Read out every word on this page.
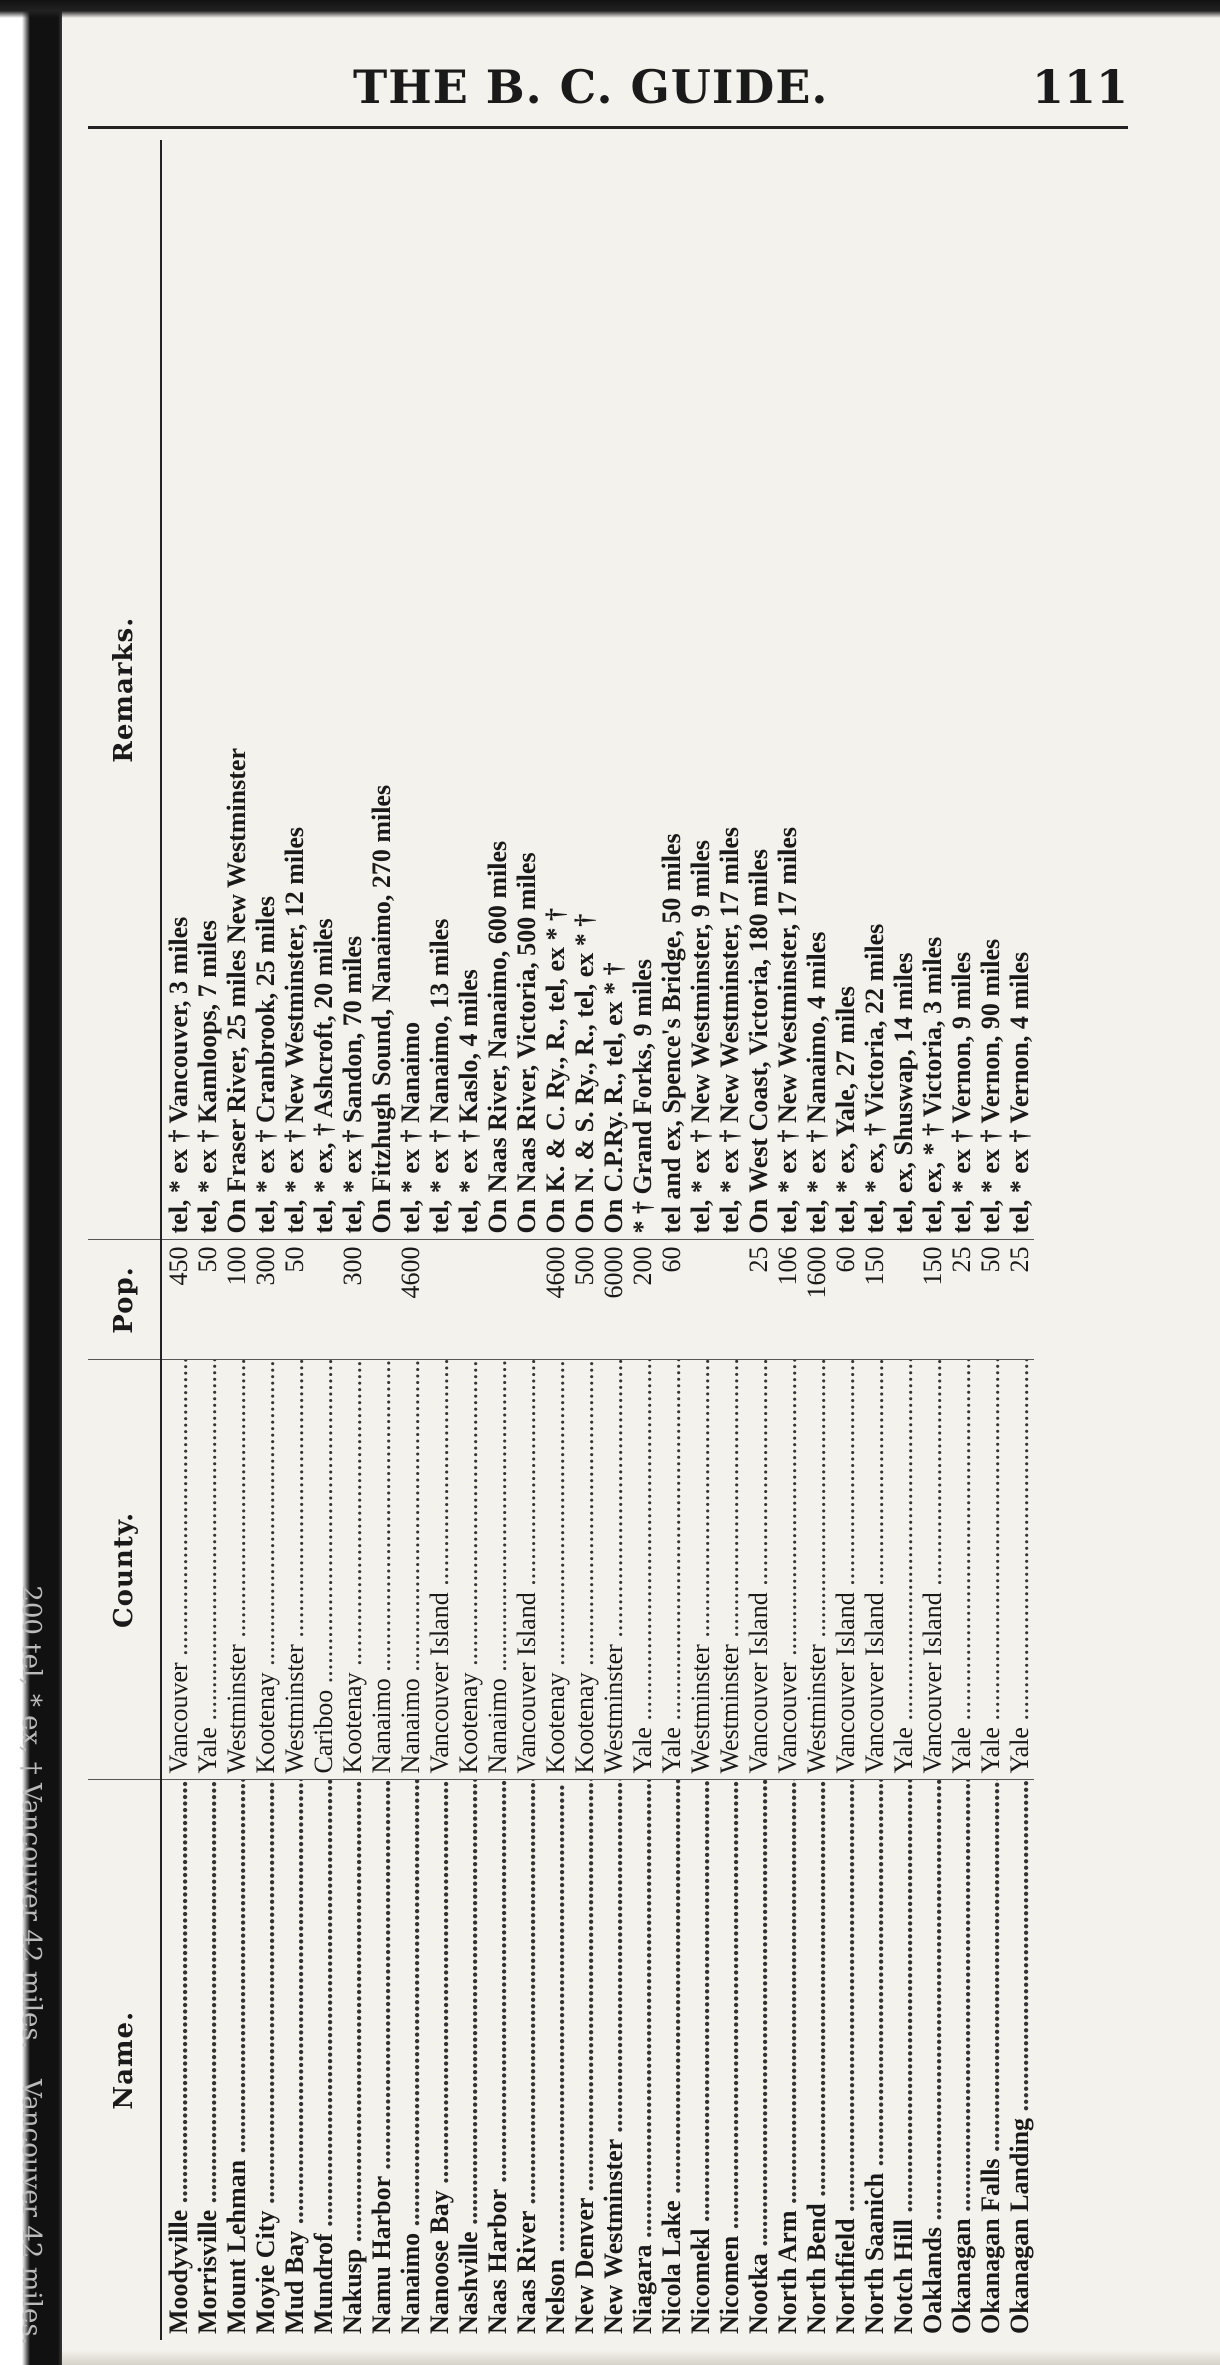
200 tel, * ex, † Vancouver 42 miles.
Vancouver 42 miles.
THE B. C. GUIDE.	111
Name.	County.	Pop.	Remarks.
Moodyville .....	Vancouver .....	450	tel, * ex † Vancouver, 3 miles
Morrisville .....	Yale .....	50	tel, * ex † Kamloops, 7 miles
Mount Lehman .....	Westminster .....	100	On Fraser River, 25 miles New Westminster
Moyie City .....	Kootenay .....	300	tel, * ex † Cranbrook, 25 miles
Mud Bay .....	Westminster .....	50	tel, * ex † New Westminster, 12 miles
Mundrof .....	Cariboo .....		tel, * ex, † Ashcroft, 20 miles
Nakusp .....	Kootenay .....	300	tel, * ex † Sandon, 70 miles
Namu Harbor .....	Nanaimo .....		On Fitzhugh Sound, Nanaimo, 270 miles
Nanaimo .....	Nanaimo .....	4600	tel, * ex † Nanaimo
Nanoose Bay .....	Vancouver Island .....		tel, * ex † Nanaimo, 13 miles
Nashville .....	Kootenay .....		tel, * ex † Kaslo, 4 miles
Naas Harbor .....	Nanaimo .....		On Naas River, Nanaimo, 600 miles
Naas River .....	Vancouver Island .....		On Naas River, Victoria, 500 miles
Nelson .....	Kootenay .....	4600	On K. & C. Ry., R., tel, ex * †
New Denver .....	Kootenay .....	500	On N. & S. Ry., R., tel, ex * †
New Westminster .....	Westminster .....	6000	On C.P.Ry. R., tel, ex * †
Niagara .....	Yale .....	200	* † Grand Forks, 9 miles
Nicola Lake .....	Yale .....	60	tel and ex, Spence's Bridge, 50 miles
Nicomekl .....	Westminster .....		tel, * ex † New Westminster, 9 miles
Nicomen .....	Westminster .....		tel, * ex † New Westminster, 17 miles
Nootka .....	Vancouver Island .....	25	On West Coast, Victoria, 180 miles
North Arm .....	Vancouver .....	106	tel, * ex † New Westminster, 17 miles
North Bend .....	Westminster .....	1600	tel, * ex † Nanaimo, 4 miles
Northfield .....	Vancouver Island .....	60	tel, * ex, Yale, 27 miles
North Saanich .....	Vancouver Island .....	150	tel, * ex, † Victoria, 22 miles
Notch Hill .....	Yale .....		tel, ex, Shuswap, 14 miles
Oaklands .....	Vancouver Island .....	150	tel, ex, * † Victoria, 3 miles
Okanagan .....	Yale .....	25	tel, * ex † Vernon, 9 miles
Okanagan Falls .....	Yale .....	50	tel, * ex † Vernon, 90 miles
Okanagan Landing .....	Yale .....	25	tel, * ex † Vernon, 4 miles
